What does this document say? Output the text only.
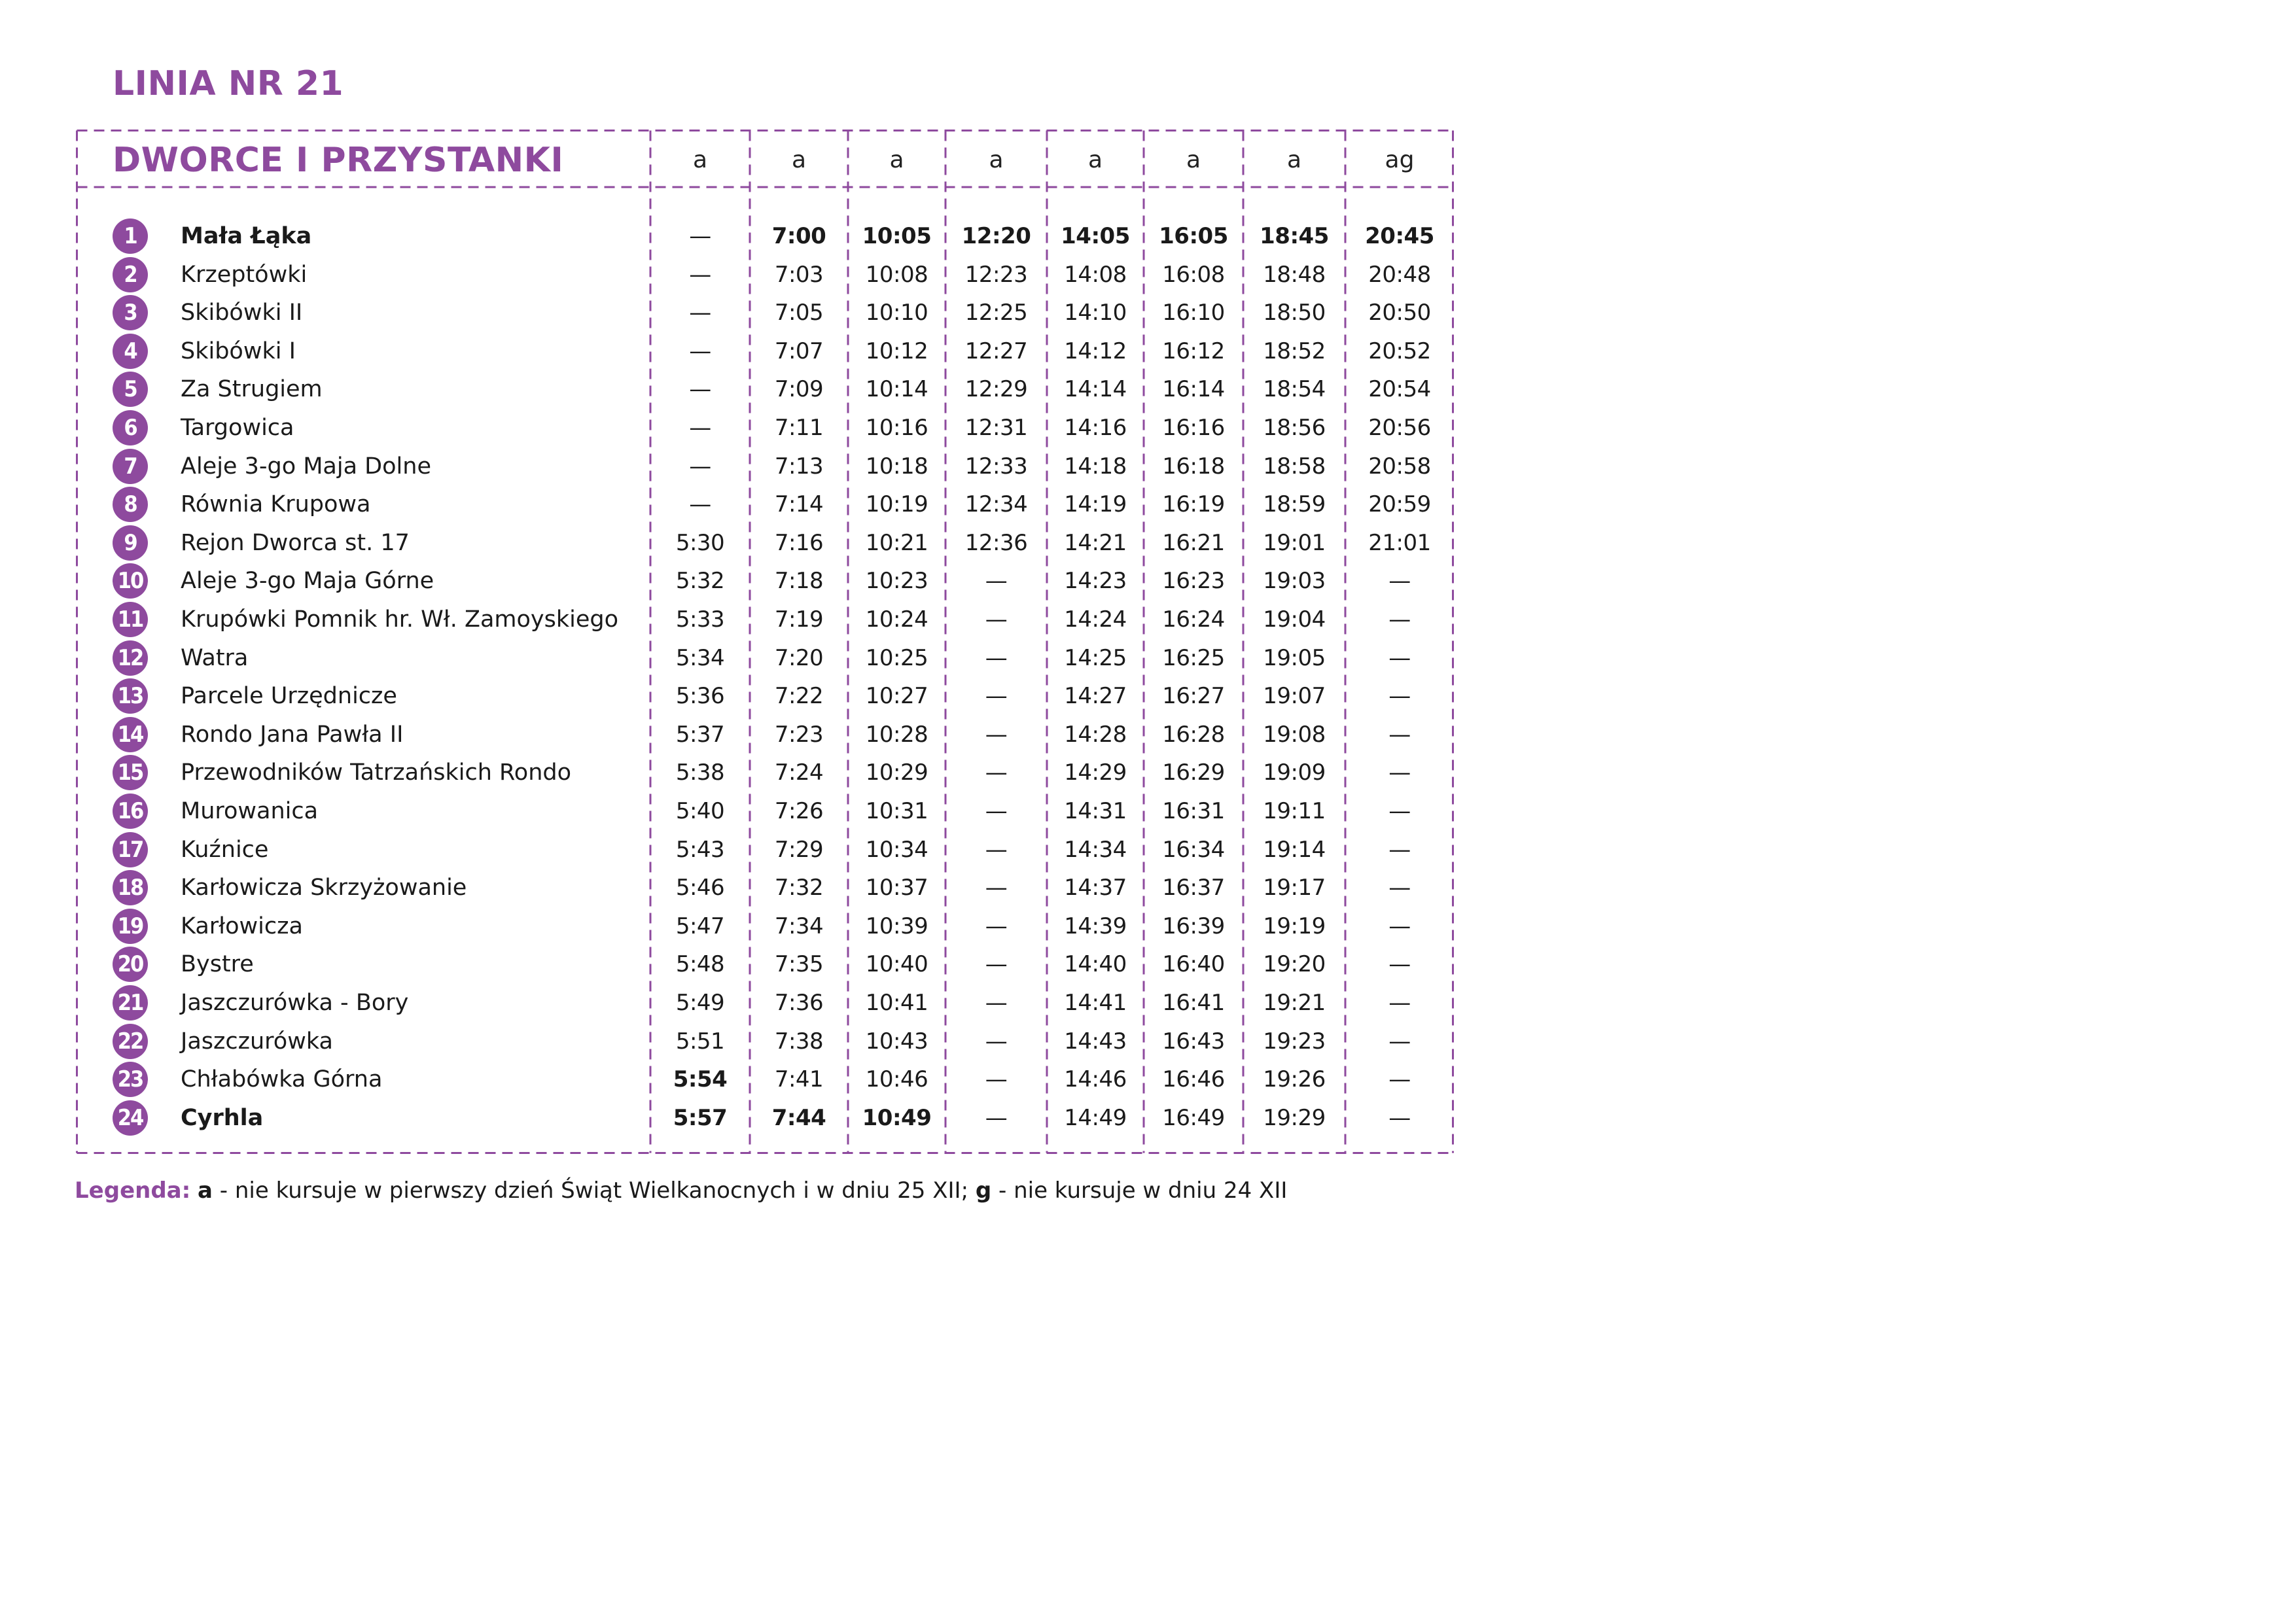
LINIA NR 21
DWORCE I PRZYSTANKI	a	a	a	a	a	a	a	ag
1	Mała Łąka	—	7:00	10:05	12:20	14:05	16:05	18:45	20:45
2	Krzeptówki	—	7:03	10:08	12:23	14:08	16:08	18:48	20:48
3	Skibówki II	—	7:05	10:10	12:25	14:10	16:10	18:50	20:50
4	Skibówki I	—	7:07	10:12	12:27	14:12	16:12	18:52	20:52
5	Za Strugiem	—	7:09	10:14	12:29	14:14	16:14	18:54	20:54
6	Targowica	—	7:11	10:16	12:31	14:16	16:16	18:56	20:56
7	Aleje 3-go Maja Dolne	—	7:13	10:18	12:33	14:18	16:18	18:58	20:58
8	Równia Krupowa	—	7:14	10:19	12:34	14:19	16:19	18:59	20:59
9	Rejon Dworca st. 17	5:30	7:16	10:21	12:36	14:21	16:21	19:01	21:01
10 Aleje 3-go Maja Górne	5:32	7:18	10:23	—	14:23	16:23	19:03	—
11 Krupówki Pomnik hr. Wł. Zamoyskiego	5:33	7:19	10:24	—	14:24	16:24	19:04	—
12 Watra	5:34	7:20	10:25	—	14:25	16:25	19:05	—
13 Parcele Urzędnicze	5:36	7:22	10:27	—	14:27	16:27	19:07	—
14 Rondo Jana Pawła II	5:37	7:23	10:28	—	14:28	16:28	19:08	—
15 Przewodników Tatrzańskich Rondo	5:38	7:24	10:29	—	14:29	16:29	19:09	—
16 Murowanica	5:40	7:26	10:31	—	14:31	16:31	19:11	—
17 Kuźnice	5:43	7:29	10:34	—	14:34	16:34	19:14	—
18 Karłowicza Skrzyżowanie	5:46	7:32	10:37	—	14:37	16:37	19:17	—
19 Karłowicza	5:47	7:34	10:39	—	14:39	16:39	19:19	—
20 Bystre	5:48	7:35	10:40	—	14:40	16:40	19:20	—
21 Jaszczurówka - Bory	5:49	7:36	10:41	—	14:41	16:41	19:21	—
22 Jaszczurówka	5:51	7:38	10:43	—	14:43	16:43	19:23	—
23 Chłabówka Górna	5:54	7:41	10:46	—	14:46	16:46	19:26	—
24 Cyrhla	5:57	7:44	10:49	—	14:49	16:49	19:29	—
Legenda: a - nie kursuje w pierwszy dzień Świąt Wielkanocnych i w dniu 25 XII; g - nie kursuje w dniu 24 XII
